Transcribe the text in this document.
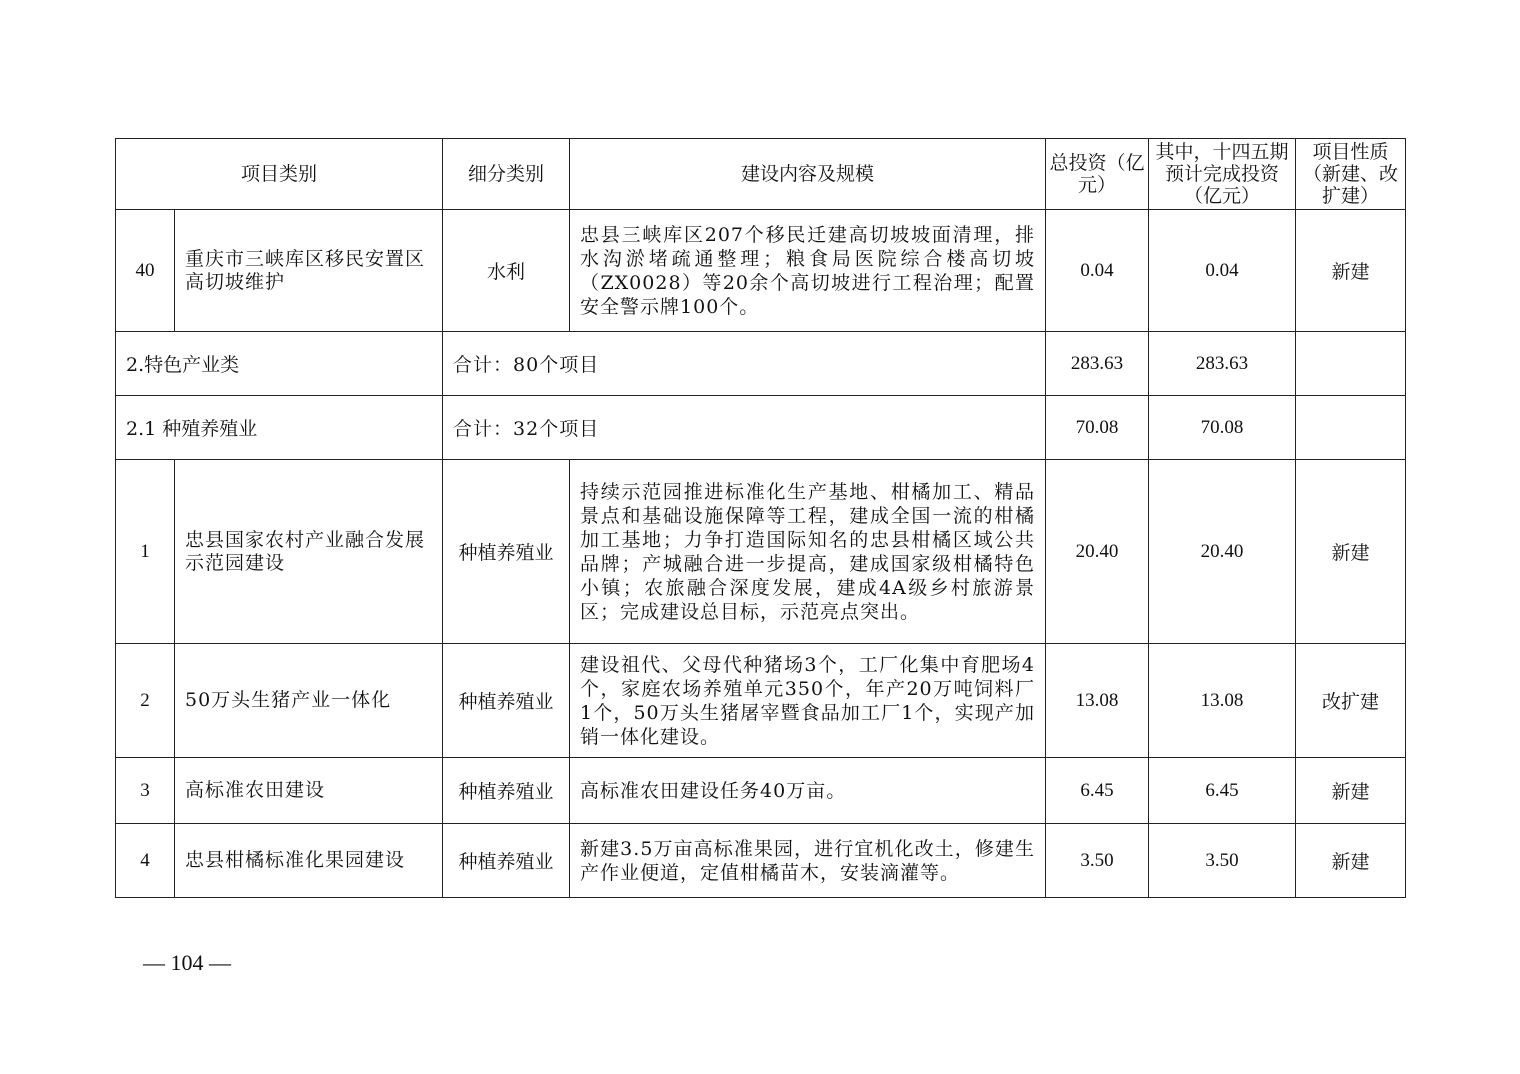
项目类别		细分类别	建设内容及规模	总投资（亿元）	其中，十四五期预计完成投资（亿元）	项目性质（新建、改扩建）
40	重庆市三峡库区移民安置区高切坡维护	水利	忠县三峡库区207个移民迁建高切坡坡面清理，排水沟淤堵疏通整理；粮食局医院综合楼高切坡（ZX0028）等20余个高切坡进行工程治理；配置安全警示牌100个。	0.04	0.04	新建
2.特色产业类		合计：80个项目		283.63	283.63	
2.1 种殖养殖业		合计：32个项目		70.08	70.08	
1	忠县国家农村产业融合发展示范园建设	种植养殖业	持续示范园推进标准化生产基地、柑橘加工、精品景点和基础设施保障等工程，建成全国一流的柑橘加工基地；力争打造国际知名的忠县柑橘区域公共品牌；产城融合进一步提高，建成国家级柑橘特色小镇；农旅融合深度发展，建成4A级乡村旅游景区；完成建设总目标，示范亮点突出。	20.40	20.40	新建
2	50万头生猪产业一体化	种植养殖业	建设祖代、父母代种猪场3个，工厂化集中育肥场4个，家庭农场养殖单元350个，年产20万吨饲料厂1个，50万头生猪屠宰暨食品加工厂1个，实现产加销一体化建设。	13.08	13.08	改扩建
3	高标准农田建设	种植养殖业	高标准农田建设任务40万亩。	6.45	6.45	新建
4	忠县柑橘标准化果园建设	种植养殖业	新建3.5万亩高标准果园，进行宜机化改土，修建生产作业便道，定值柑橘苗木，安装滴灌等。	3.50	3.50	新建
— 104 —
